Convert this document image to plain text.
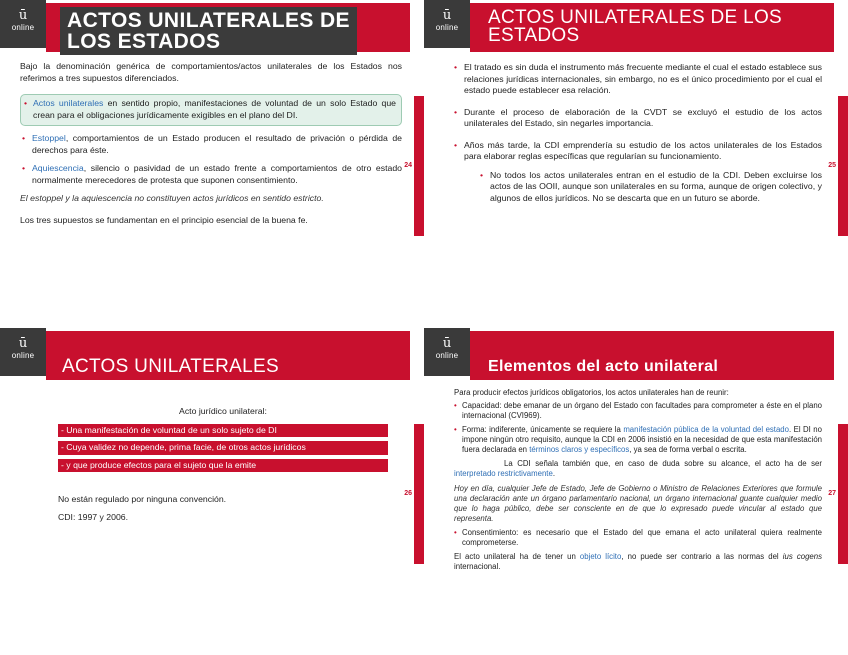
ū
online	ACTOS UNILATERALES DE
LOS ESTADOS
24

Bajo la denominación genérica de comportamientos/actos unilaterales de los Estados nos referimos a tres supuestos diferenciados.

• Actos unilaterales en sentido propio, manifestaciones de voluntad de un solo Estado que crean para el obligaciones jurídicamente exigibles en el plano del DI.
• Estoppel, comportamientos de un Estado producen el resultado de privación o pérdida de derechos para éste.
• Aquiescencia, silencio o pasividad de un estado frente a comportamientos de otro estado normalmente merecedores de protesta que suponen consentimiento.

El estoppel y la aquiescencia no constituyen actos jurídicos en sentido estricto.

Los tres supuestos se fundamentan en el principio esencial de la buena fe.

ū
online	ACTOS UNILATERALES DE LOS
ESTADOS
25
• El tratado es sin duda el instrumento más frecuente mediante el cual el estado establece sus relaciones jurídicas internacionales, sin embargo, no es el único procedimiento por el cual el estado puede establecer esa relación.
• Durante el proceso de elaboración de la CVDT se excluyó el estudio de los actos unilaterales del Estado, sin negarles importancia.
• Años más tarde, la CDI emprendería su estudio de los actos unilaterales de los Estados para elaborar reglas específicas que regularían su funcionamiento.
• No todos los actos unilaterales entran en el estudio de la CDI. Deben excluirse los actos de las OOII, aunque son unilaterales en su forma, aunque de origen colectivo, y algunos de ellos jurídicos. No se descarta que en un futuro se aborde.
ū
online
ACTOS UNILATERALES
26

Acto jurídico unilateral:

- Una manifestación de voluntad de un solo sujeto de DI
- Cuya validez no depende, prima facie, de otros actos jurídicos
- y que produce efectos para el sujeto que la emite

No están regulado por ninguna convención.

CDI: 1997 y 2006.

ū
online
Elementos del acto unilateral
27

Para producir efectos jurídicos obligatorios, los actos unilaterales han de reunir:

• Capacidad: debe emanar de un órgano del Estado con facultades para comprometer a éste en el plano internacional (CVI969).
• Forma: indiferente, únicamente se requiere la manifestación pública de la voluntad del estado. El DI no impone ningún otro requisito, aunque la CDI en 2006 insistió en la necesidad de que esta manifestación fuera declarada en términos claros y específicos, ya sea de forma verbal o escrita.

La CDI señala también que, en caso de duda sobre su alcance, el acto ha de ser interpretado restrictivamente.

Hoy en día, cualquier Jefe de Estado, Jefe de Gobierno o Ministro de Relaciones Exteriores que formule una declaración ante un órgano parlamentario nacional, un órgano internacional guante cualquier medio que lo haga público, debe ser consciente en de que lo expresado puede vincular al estado que representa.

• Consentimiento: es necesario que el Estado del que emana el acto unilateral quiera realmente comprometerse.

El acto unilateral ha de tener un objeto lícito, no puede ser contrario a las normas del ius cogens internacional.
